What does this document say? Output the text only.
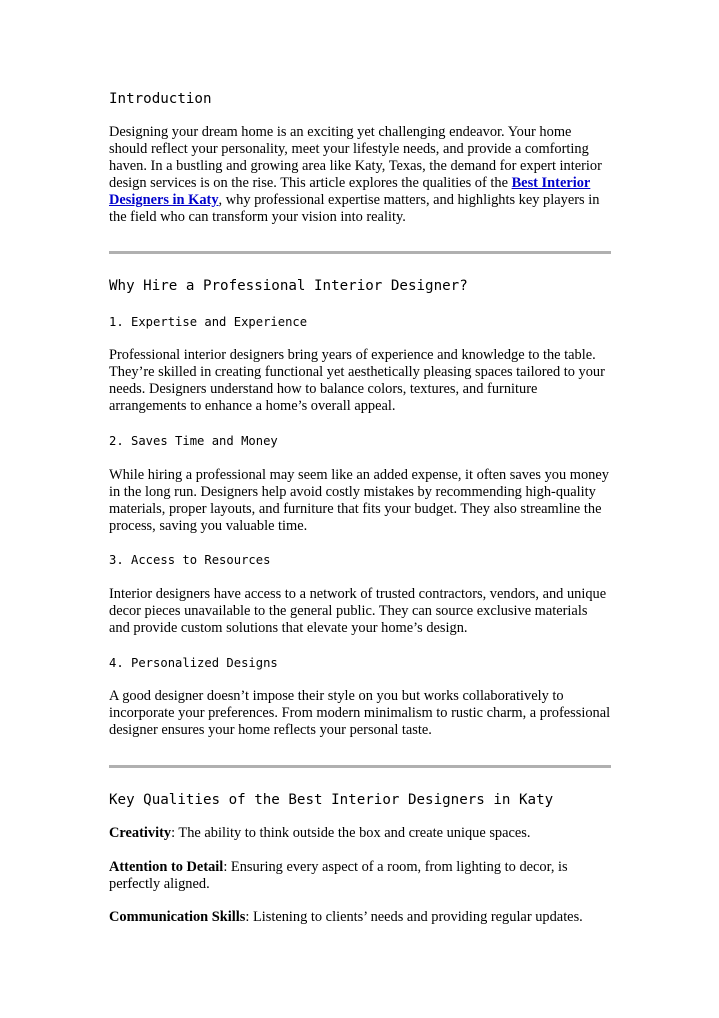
Introduction

Designing your dream home is an exciting yet challenging endeavor. Your home should reflect your personality, meet your lifestyle needs, and provide a comforting haven. In a bustling and growing area like Katy, Texas, the demand for expert interior design services is on the rise. This article explores the qualities of the Best Interior Designers in Katy, why professional expertise matters, and highlights key players in the field who can transform your vision into reality.

Why Hire a Professional Interior Designer?
1. Expertise and Experience

Professional interior designers bring years of experience and knowledge to the table. They’re skilled in creating functional yet aesthetically pleasing spaces tailored to your needs. Designers understand how to balance colors, textures, and furniture arrangements to enhance a home’s overall appeal.

2. Saves Time and Money

While hiring a professional may seem like an added expense, it often saves you money in the long run. Designers help avoid costly mistakes by recommending high-quality materials, proper layouts, and furniture that fits your budget. They also streamline the process, saving you valuable time.

3. Access to Resources

Interior designers have access to a network of trusted contractors, vendors, and unique decor pieces unavailable to the general public. They can source exclusive materials and provide custom solutions that elevate your home’s design.

4. Personalized Designs

A good designer doesn’t impose their style on you but works collaboratively to incorporate your preferences. From modern minimalism to rustic charm, a professional designer ensures your home reflects your personal taste.

Key Qualities of the Best Interior Designers in Katy

Creativity: The ability to think outside the box and create unique spaces.

Attention to Detail: Ensuring every aspect of a room, from lighting to decor, is perfectly aligned.

Communication Skills: Listening to clients’ needs and providing regular updates.
